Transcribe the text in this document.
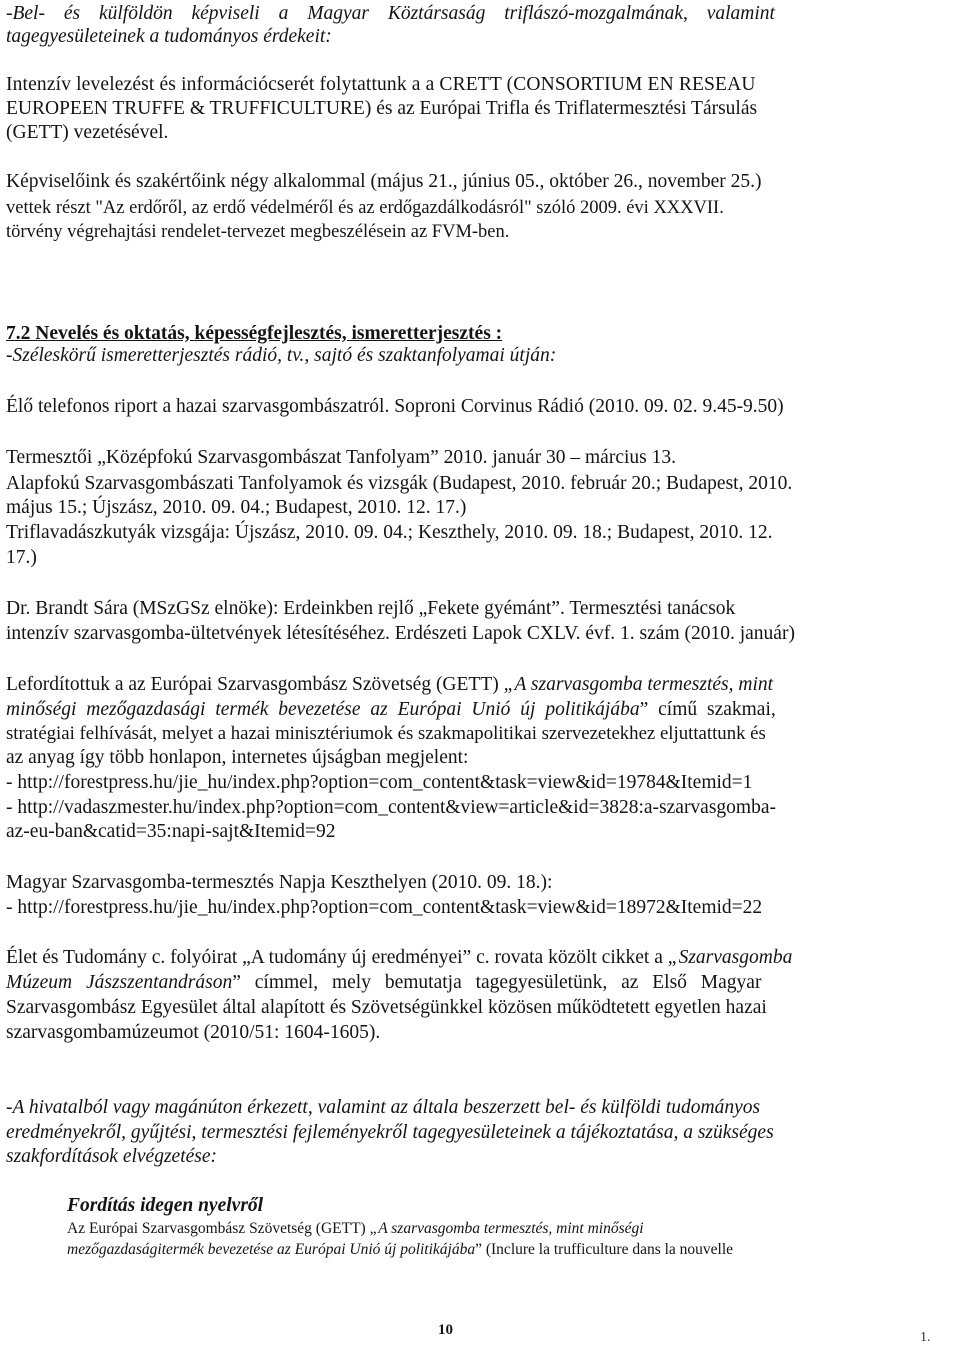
-Bel- és külföldön képviseli a Magyar Köztársaság triflászó-mozgalmának, valamint
tagegyesületeinek a tudományos érdekeit:
Intenzív levelezést és információcserét folytattunk a a CRETT (CONSORTIUM EN RESEAU
EUROPEEN TRUFFE & TRUFFICULTURE) és az Európai Trifla és Triflatermesztési Társulás
(GETT) vezetésével.
Képviselőink és szakértőink négy alkalommal (május 21., június 05., október 26., november 25.)
vettek részt "Az erdőről, az erdő védelméről és az erdőgazdálkodásról" szóló 2009. évi XXXVII.
törvény végrehajtási rendelet-tervezet megbeszélésein az FVM-ben.
7.2 Nevelés és oktatás, képességfejlesztés, ismeretterjesztés :
-Széleskörű ismeretterjesztés rádió, tv., sajtó és szaktanfolyamai útján:
Élő telefonos riport a hazai szarvasgombászatról. Soproni Corvinus Rádió (2010. 09. 02. 9.45-9.50)
Termesztői „Középfokú Szarvasgombászat Tanfolyam” 2010. január 30 – március 13.
Alapfokú Szarvasgombászati Tanfolyamok és vizsgák (Budapest, 2010. február 20.; Budapest, 2010.
május 15.; Újszász, 2010. 09. 04.; Budapest, 2010. 12. 17.)
Triflavadászkutyák vizsgája: Újszász, 2010. 09. 04.; Keszthely, 2010. 09. 18.; Budapest, 2010. 12.
17.)
Dr. Brandt Sára (MSzGSz elnöke): Erdeinkben rejlő „Fekete gyémánt”. Termesztési tanácsok
intenzív szarvasgomba-ültetvények létesítéséhez. Erdészeti Lapok CXLV. évf. 1. szám (2010. január)
Lefordítottuk a az Európai Szarvasgombász Szövetség (GETT) „A szarvasgomba termesztés, mint
minőségi mezőgazdasági termék bevezetése az Európai Unió új politikájába” című szakmai,
stratégiai felhívását, melyet a hazai minisztériumok és szakmapolitikai szervezetekhez eljuttattunk és
az anyag így több honlapon, internetes újságban megjelent:
- http://forestpress.hu/jie_hu/index.php?option=com_content&task=view&id=19784&Itemid=1
- http://vadaszmester.hu/index.php?option=com_content&view=article&id=3828:a-szarvasgomba-
az-eu-ban&catid=35:napi-sajt&Itemid=92
Magyar Szarvasgomba-termesztés Napja Keszthelyen (2010. 09. 18.):
- http://forestpress.hu/jie_hu/index.php?option=com_content&task=view&id=18972&Itemid=22
Élet és Tudomány c. folyóirat „A tudomány új eredményei” c. rovata közölt cikket a „Szarvasgomba
Múzeum Jászszentandráson” címmel, mely bemutatja tagegyesületünk, az Első Magyar
Szarvasgombász Egyesület által alapított és Szövetségünkkel közösen működtetett egyetlen hazai
szarvasgombamúzeumot (2010/51: 1604-1605).
-A hivatalból vagy magánúton érkezett, valamint az általa beszerzett bel- és külföldi tudományos
eredményekről, gyűjtési, termesztési fejleményekről tagegyesületeinek a tájékoztatása, a szükséges
szakfordítások elvégzetése:
Fordítás idegen nyelvről
Az Európai Szarvasgombász Szövetség (GETT) „A szarvasgomba termesztés, mint minőségi
mezőgazdaságitermék bevezetése az Európai Unió új politikájába” (Inclure la trufficulture dans la nouvelle
10	1.
